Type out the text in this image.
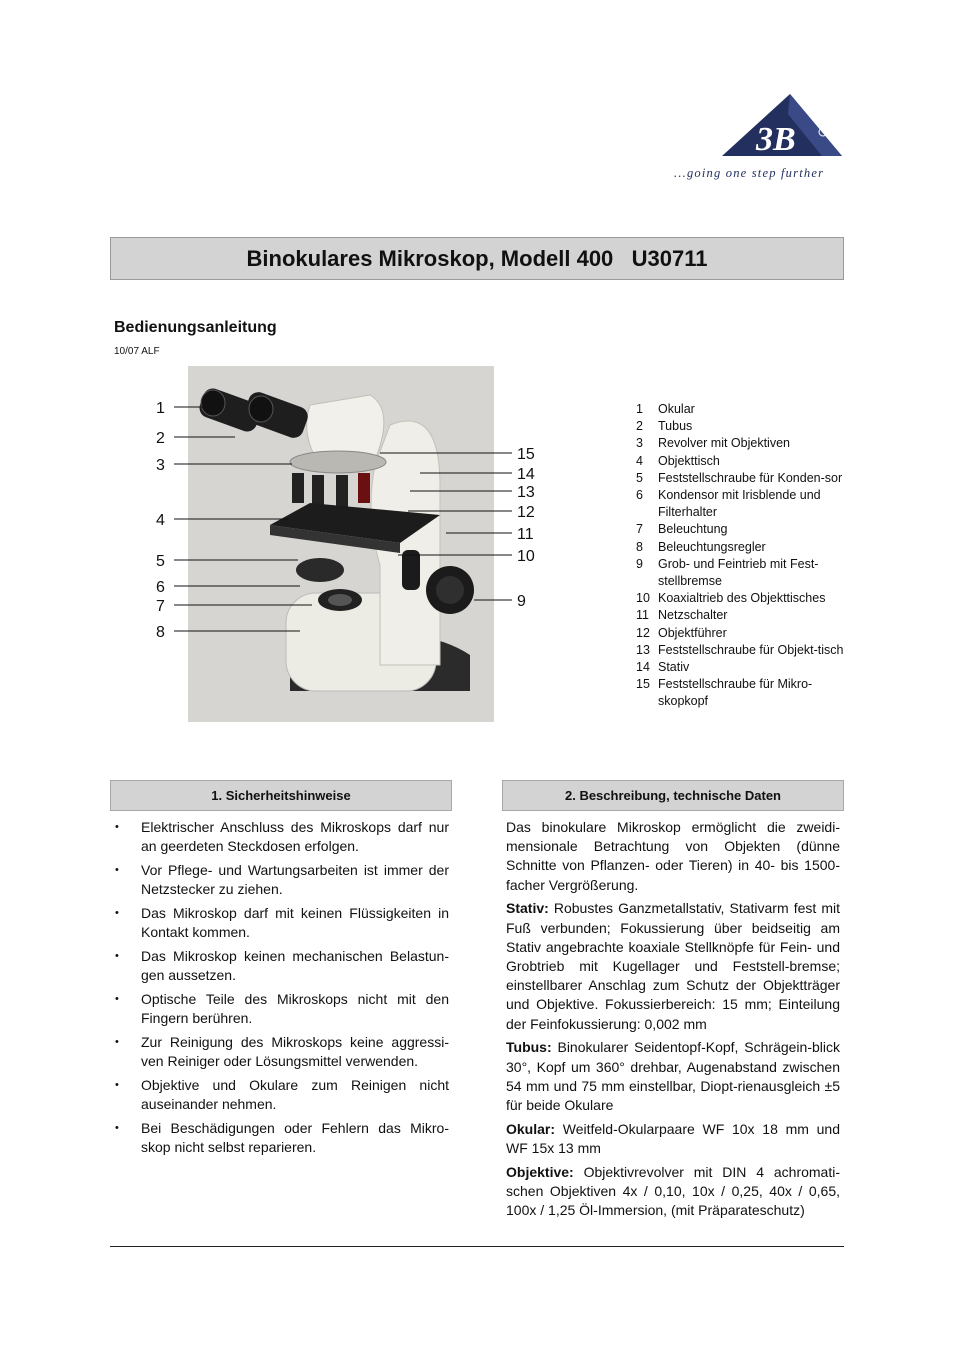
3B
...going one step further
Binokulares Mikroskop, Modell 400   U30711
Bedienungsanleitung
10/07 ALF
1
2
3
4
5
6
7
8
15
14
13
12
11
10
9
1	Okular
2	Tubus
3	Revolver mit Objektiven
4	Objekttisch
5	Feststellschraube für Konden-sor
6	Kondensor mit Irisblende und Filterhalter
7	Beleuchtung
8	Beleuchtungsregler
9	Grob- und Feintrieb mit Fest-stellbremse
10 Koaxialtrieb des Objekttisches
11 Netzschalter
12 Objektführer
13 Feststellschraube für Objekt-tisch
14 Stativ
15 Feststellschraube für Mikro-skopkopf
1. Sicherheitshinweise
•	Elektrischer Anschluss des Mikroskops darf nur an geerdeten Steckdosen erfolgen.
•	Vor Pflege- und Wartungsarbeiten ist immer der Netzstecker zu ziehen.
•	Das Mikroskop darf mit keinen Flüssigkeiten in Kontakt kommen.
•	Das Mikroskop keinen mechanischen Belastun-gen aussetzen.
•	Optische Teile des Mikroskops nicht mit den Fingern berühren.
•	Zur Reinigung des Mikroskops keine aggressi-ven Reiniger oder Lösungsmittel verwenden.
•	Objektive und Okulare zum Reinigen nicht auseinander nehmen.
•	Bei Beschädigungen oder Fehlern das Mikro-skop nicht selbst reparieren.
2. Beschreibung, technische Daten

Das binokulare Mikroskop ermöglicht die zweidi-mensionale Betrachtung von Objekten (dünne Schnitte von Pflanzen- oder Tieren) in 40- bis 1500-facher Vergrößerung.

Stativ: Robustes Ganzmetallstativ, Stativarm fest mit Fuß verbunden; Fokussierung über beidseitig am Stativ angebrachte koaxiale Stellknöpfe für Fein- und Grobtrieb mit Kugellager und Feststell-bremse; einstellbarer Anschlag zum Schutz der Objektträger und Objektive. Fokussierbereich: 15 mm; Einteilung der Feinfokussierung: 0,002 mm

Tubus: Binokularer Seidentopf-Kopf, Schrägein-blick 30°, Kopf um 360° drehbar, Augenabstand zwischen 54 mm und 75 mm einstellbar, Diopt-rienausgleich ±5 für beide Okulare

Okular: Weitfeld-Okularpaare WF 10x 18 mm und WF 15x 13 mm

Objektive: Objektivrevolver mit DIN 4 achromati-schen Objektiven 4x / 0,10, 10x / 0,25, 40x / 0,65, 100x / 1,25 Öl-Immersion, (mit Präparateschutz)
